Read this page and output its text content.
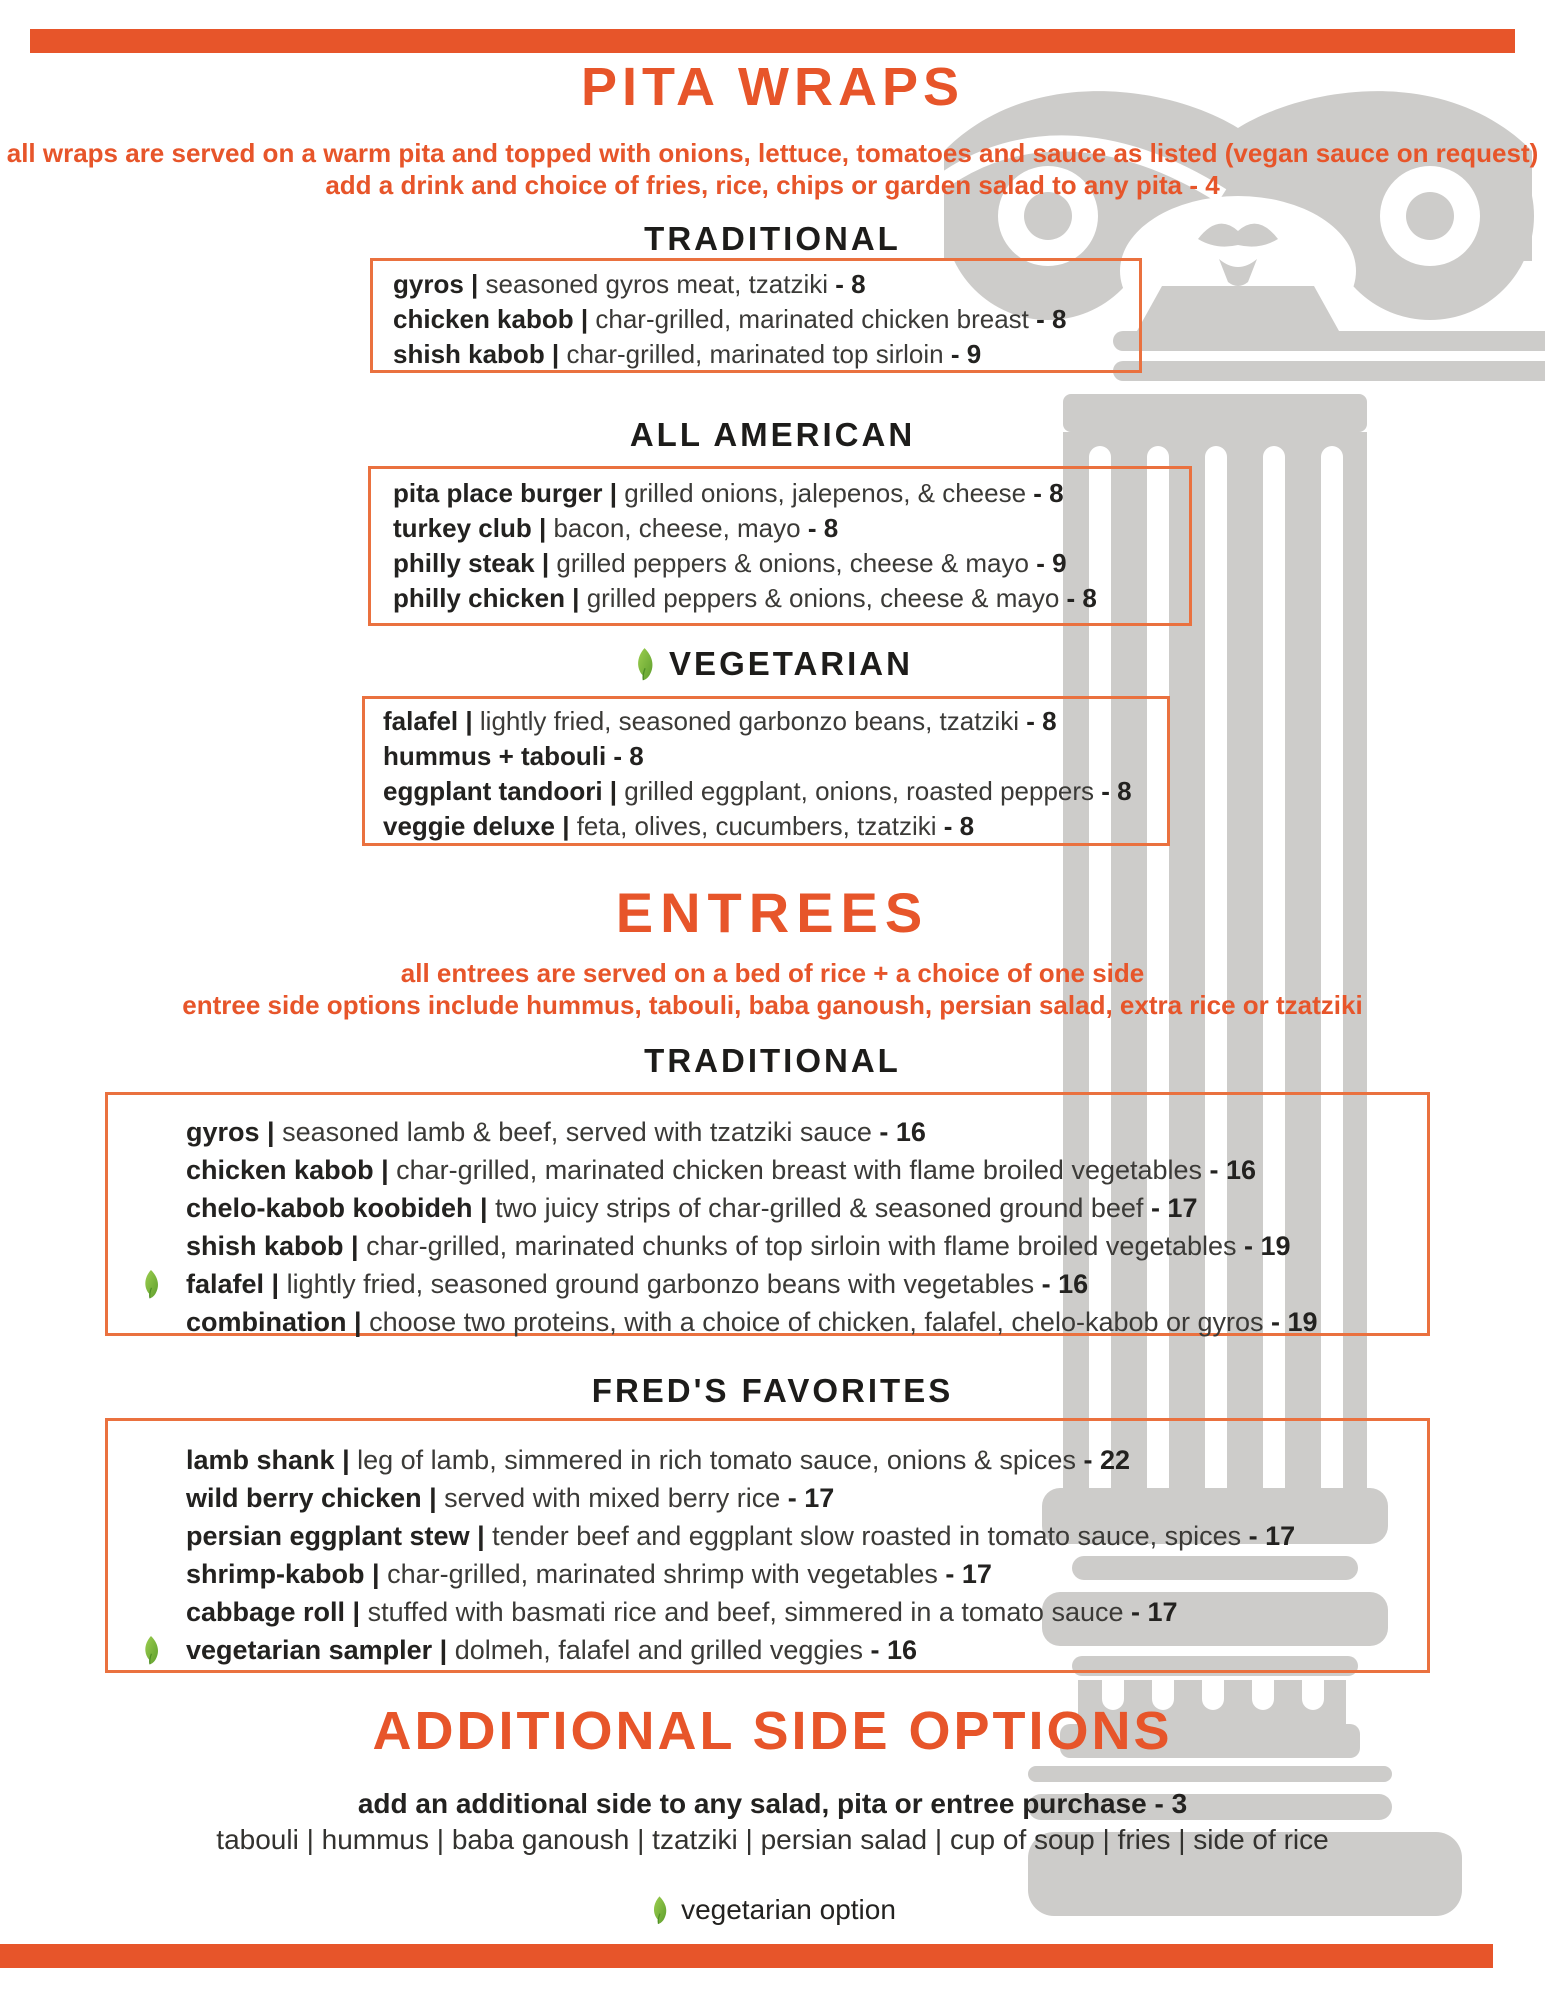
PITA WRAPS

all wraps are served on a warm pita and topped with onions, lettuce, tomatoes and sauce as listed (vegan sauce on request)

add a drink and choice of fries, rice, chips or garden salad to any pita - 4

TRADITIONAL
gyros | seasoned gyros meat, tzatziki - 8
chicken kabob | char-grilled, marinated chicken breast - 8
shish kabob | char-grilled, marinated top sirloin - 9
ALL AMERICAN
pita place burger | grilled onions, jalepenos, & cheese - 8
turkey club | bacon, cheese, mayo - 8
philly steak | grilled peppers & onions, cheese & mayo - 9
philly chicken | grilled peppers & onions, cheese & mayo - 8
VEGETARIAN
falafel | lightly fried, seasoned garbonzo beans, tzatziki - 8
hummus + tabouli - 8
eggplant tandoori | grilled eggplant, onions, roasted peppers - 8
veggie deluxe | feta, olives, cucumbers, tzatziki - 8
ENTREES

all entrees are served on a bed of rice + a choice of one side

entree side options include hummus, tabouli, baba ganoush, persian salad, extra rice or tzatziki

TRADITIONAL
gyros | seasoned lamb & beef, served with tzatziki sauce - 16
chicken kabob | char-grilled, marinated chicken breast with flame broiled vegetables - 16
chelo-kabob koobideh | two juicy strips of char-grilled & seasoned ground beef - 17
shish kabob | char-grilled, marinated chunks of top sirloin with flame broiled vegetables - 19
falafel | lightly fried, seasoned ground garbonzo beans with vegetables - 16
combination | choose two proteins, with a choice of chicken, falafel, chelo-kabob or gyros - 19
FRED'S FAVORITES
lamb shank | leg of lamb, simmered in rich tomato sauce, onions & spices - 22
wild berry chicken | served with mixed berry rice - 17
persian eggplant stew | tender beef and eggplant slow roasted in tomato sauce, spices - 17
shrimp-kabob | char-grilled, marinated shrimp with vegetables - 17
cabbage roll | stuffed with basmati rice and beef, simmered in a tomato sauce - 17
vegetarian sampler | dolmeh, falafel and grilled veggies - 16
ADDITIONAL SIDE OPTIONS

add an additional side to any salad, pita or entree purchase - 3

tabouli | hummus | baba ganoush | tzatziki | persian salad | cup of soup | fries | side of rice

vegetarian option
